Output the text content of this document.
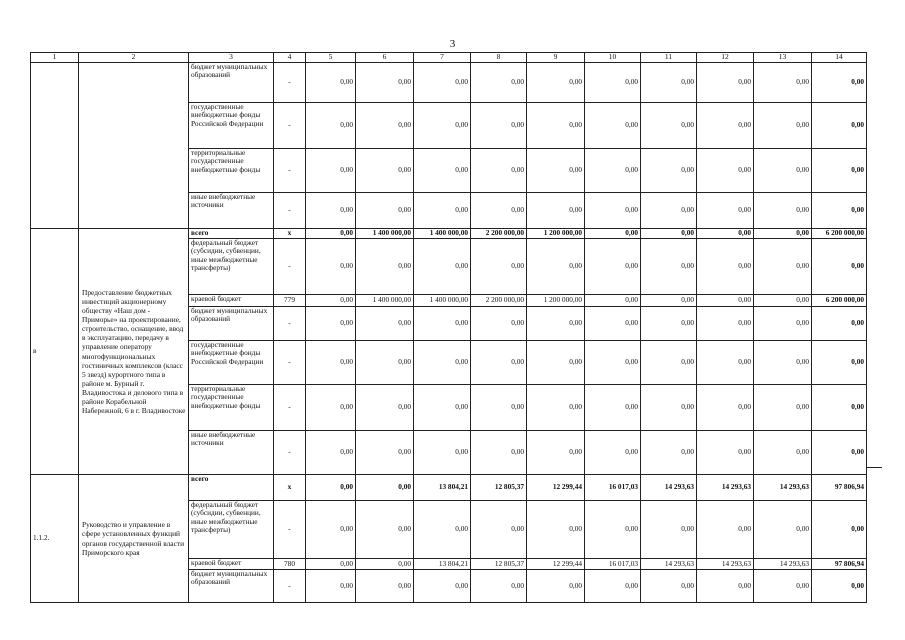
3
1	2	3	4	5	6	7	8	9	10	11	12	13	14
		бюджет муниципальных образований	-	0,00	0,00	0,00	0,00	0,00	0,00	0,00	0,00	0,00	0,00
		государственные внебюджетные фонды Российской Федерации	-	0,00	0,00	0,00	0,00	0,00	0,00	0,00	0,00	0,00	0,00
		территориальные государственные внебюджетные фонды	-	0,00	0,00	0,00	0,00	0,00	0,00	0,00	0,00	0,00	0,00
		иные внебюджетные источники	-	0,00	0,00	0,00	0,00	0,00	0,00	0,00	0,00	0,00	0,00
в	Предоставление бюджетных инвестиций акционерному обществу «Наш дом - Приморье» на проектирование, строительство, оснащение, ввод в эксплуатацию, передачу в управление оператору многофункциональных гостиничных комплексов (класс 5 звезд) курортного типа в районе м. Бурный г. Владивостока и делового типа в районе Корабельной Набережной, 6 в г. Владивостоке	всего	x	0,00	1 400 000,00	1 400 000,00	2 200 000,00	1 200 000,00	0,00	0,00	0,00	0,00	6 200 000,00
		федеральный бюджет (субсидии, субвенции, иные межбюджетные трансферты)	-	0,00	0,00	0,00	0,00	0,00	0,00	0,00	0,00	0,00	0,00
		краевой бюджет	779	0,00	1 400 000,00	1 400 000,00	2 200 000,00	1 200 000,00	0,00	0,00	0,00	0,00	6 200 000,00
		бюджет муниципальных образований	-	0,00	0,00	0,00	0,00	0,00	0,00	0,00	0,00	0,00	0,00
		государственные внебюджетные фонды Российской Федерации	-	0,00	0,00	0,00	0,00	0,00	0,00	0,00	0,00	0,00	0,00
		территориальные государственные внебюджетные фонды	-	0,00	0,00	0,00	0,00	0,00	0,00	0,00	0,00	0,00	0,00
		иные внебюджетные источники	-	0,00	0,00	0,00	0,00	0,00	0,00	0,00	0,00	0,00	0,00
1.1.2.	Руководство и управление в сфере установленных функций органов государственной власти Приморского края	всего	x	0,00	0,00	13 804,21	12 805,37	12 299,44	16 017,03	14 293,63	14 293,63	14 293,63	97 806,94
		федеральный бюджет (субсидии, субвенции, иные межбюджетные трансферты)	-	0,00	0,00	0,00	0,00	0,00	0,00	0,00	0,00	0,00	0,00
		краевой бюджет	780	0,00	0,00	13 804,21	12 805,37	12 299,44	16 017,03	14 293,63	14 293,63	14 293,63	97 806,94
		бюджет муниципальных образований	-	0,00	0,00	0,00	0,00	0,00	0,00	0,00	0,00	0,00	0,00
